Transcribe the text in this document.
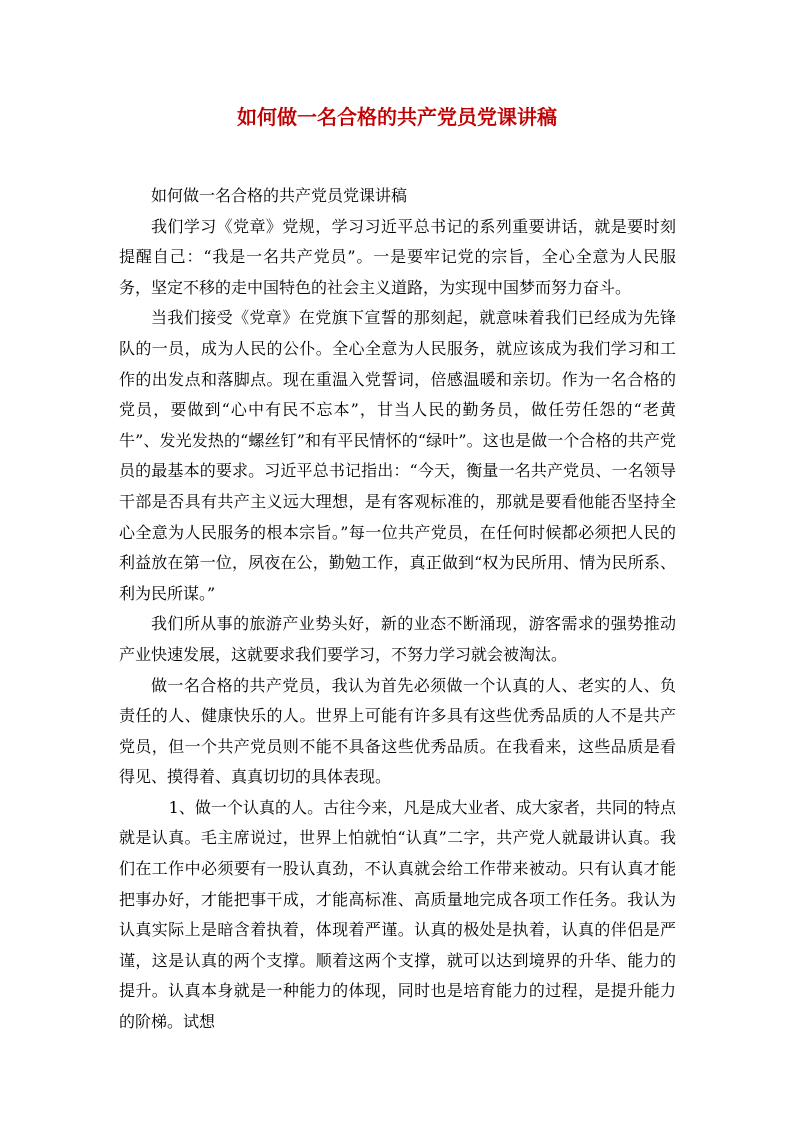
如何做一名合格的共产党员党课讲稿

如何做一名合格的共产党员党课讲稿

我们学习《党章》党规，学习习近平总书记的系列重要讲话，就是要时刻提醒自己：“我是一名共产党员”。一是要牢记党的宗旨，全心全意为人民服务，坚定不移的走中国特色的社会主义道路，为实现中国梦而努力奋斗。

当我们接受《党章》在党旗下宣誓的那刻起，就意味着我们已经成为先锋队的一员，成为人民的公仆。全心全意为人民服务，就应该成为我们学习和工作的出发点和落脚点。现在重温入党誓词，倍感温暖和亲切。作为一名合格的党员，要做到“心中有民不忘本”，甘当人民的勤务员，做任劳任怨的“老黄牛”、发光发热的“螺丝钉”和有平民情怀的“绿叶”。这也是做一个合格的共产党员的最基本的要求。习近平总书记指出：“今天，衡量一名共产党员、一名领导干部是否具有共产主义远大理想，是有客观标准的，那就是要看他能否坚持全心全意为人民服务的根本宗旨。”每一位共产党员，在任何时候都必须把人民的利益放在第一位，夙夜在公，勤勉工作，真正做到“权为民所用、情为民所系、利为民所谋。”

我们所从事的旅游产业势头好，新的业态不断涌现，游客需求的强势推动产业快速发展，这就要求我们要学习，不努力学习就会被淘汰。

做一名合格的共产党员，我认为首先必须做一个认真的人、老实的人、负责任的人、健康快乐的人。世界上可能有许多具有这些优秀品质的人不是共产党员，但一个共产党员则不能不具备这些优秀品质。在我看来，这些品质是看得见、摸得着、真真切切的具体表现。

1、做一个认真的人。古往今来，凡是成大业者、成大家者，共同的特点就是认真。毛主席说过，世界上怕就怕“认真”二字，共产党人就最讲认真。我们在工作中必须要有一股认真劲，不认真就会给工作带来被动。只有认真才能把事办好，才能把事干成，才能高标准、高质量地完成各项工作任务。我认为认真实际上是暗含着执着，体现着严谨。认真的极处是执着，认真的伴侣是严谨，这是认真的两个支撑。顺着这两个支撑，就可以达到境界的升华、能力的提升。认真本身就是一种能力的体现，同时也是培育能力的过程，是提升能力的阶梯。试想
